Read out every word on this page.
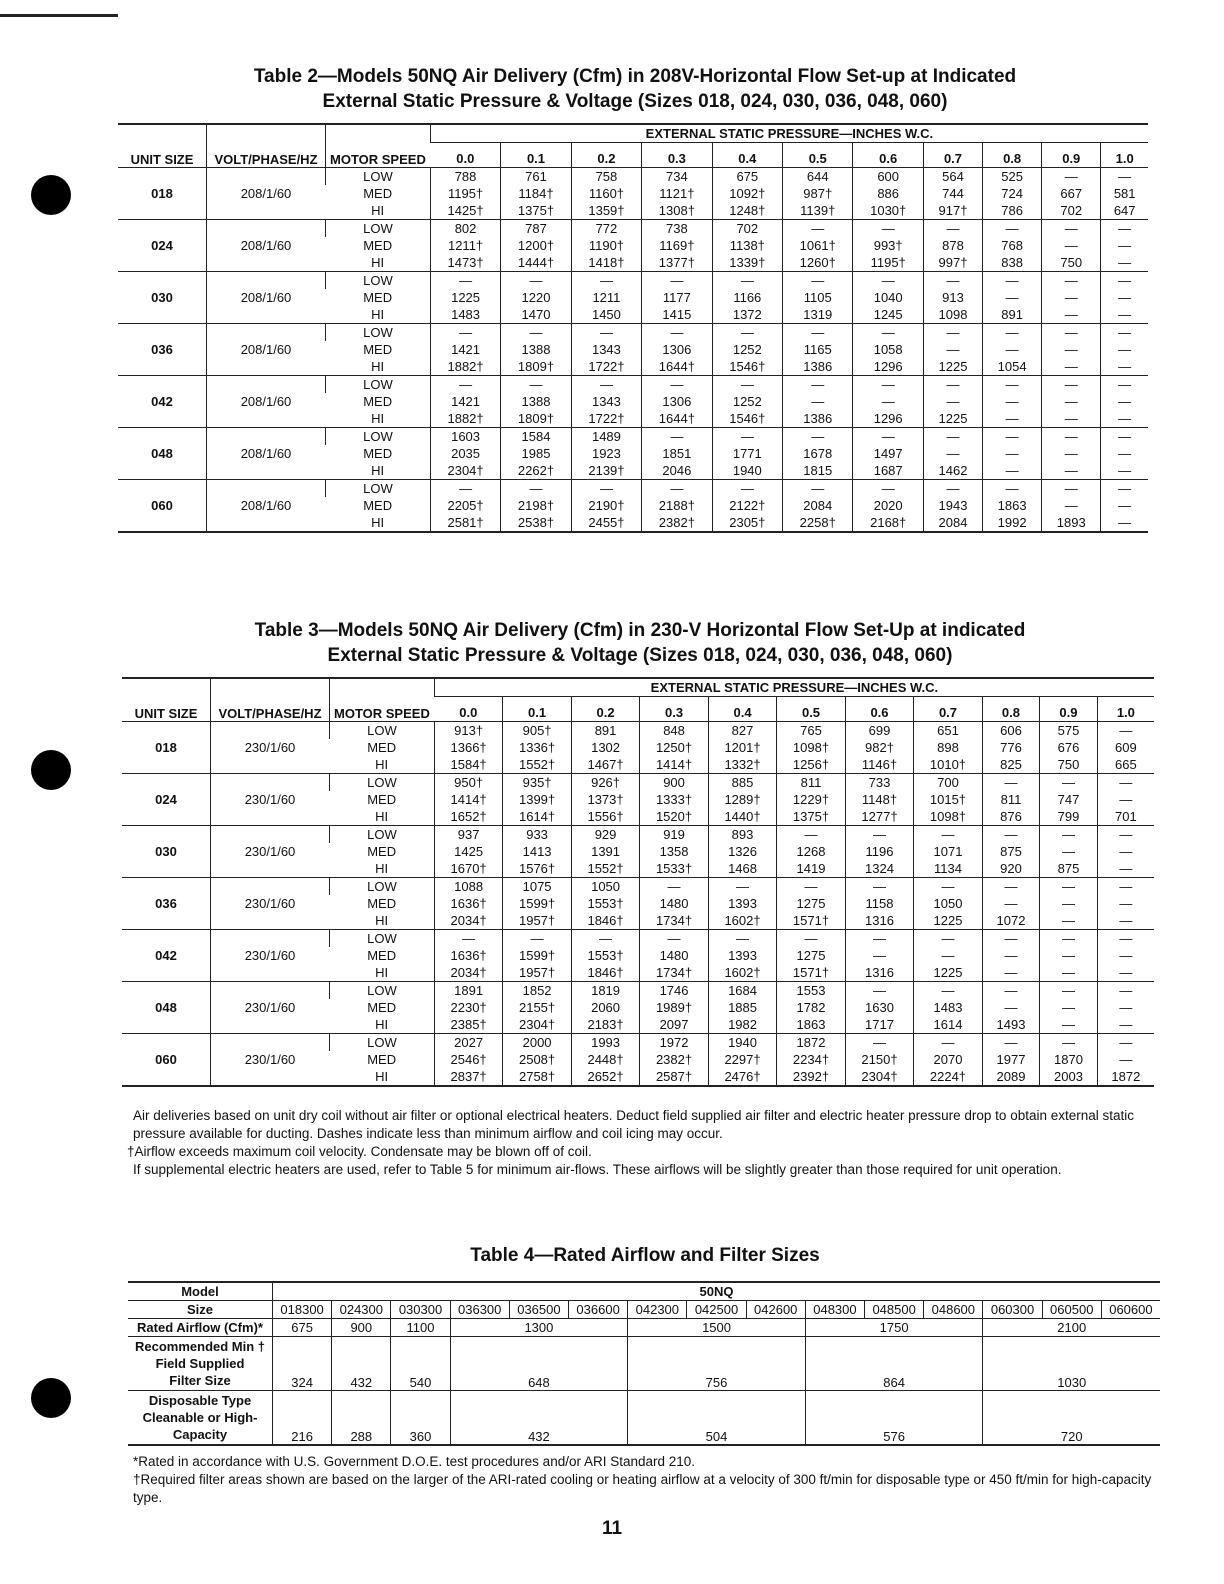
Table 2—Models 50NQ Air Delivery (Cfm) in 208V-Horizontal Flow Set-up at Indicated
External Static Pressure & Voltage (Sizes 018, 024, 030, 036, 048, 060)
UNIT SIZE	VOLT/PHASE/HZ	MOTOR SPEED	EXTERNAL STATIC PRESSURE—INCHES W.C.										
			0.0	0.1	0.2	0.3	0.4	0.5	0.6	0.7	0.8	0.9	1.0
018	208/1/60	LOW	788	761	758	734	675	644	600	564	525	—	—
		MED	1195†	1184†	1160†	1121†	1092†	987†	886	744	724	667	581
		HI	1425†	1375†	1359†	1308†	1248†	1139†	1030†	917†	786	702	647
024	208/1/60	LOW	802	787	772	738	702	—	—	—	—	—	—
		MED	1211†	1200†	1190†	1169†	1138†	1061†	993†	878	768	—	—
		HI	1473†	1444†	1418†	1377†	1339†	1260†	1195†	997†	838	750	—
030	208/1/60	LOW	—	—	—	—	—	—	—	—	—	—	—
		MED	1225	1220	1211	1177	1166	1105	1040	913	—	—	—
		HI	1483	1470	1450	1415	1372	1319	1245	1098	891	—	—
036	208/1/60	LOW	—	—	—	—	—	—	—	—	—	—	—
		MED	1421	1388	1343	1306	1252	1165	1058	—	—	—	—
		HI	1882†	1809†	1722†	1644†	1546†	1386	1296	1225	1054	—	—
042	208/1/60	LOW	—	—	—	—	—	—	—	—	—	—	—
		MED	1421	1388	1343	1306	1252	—	—	—	—	—	—
		HI	1882†	1809†	1722†	1644†	1546†	1386	1296	1225	—	—	—
048	208/1/60	LOW	1603	1584	1489	—	—	—	—	—	—	—	—
		MED	2035	1985	1923	1851	1771	1678	1497	—	—	—	—
		HI	2304†	2262†	2139†	2046	1940	1815	1687	1462	—	—	—
060	208/1/60	LOW	—	—	—	—	—	—	—	—	—	—	—
		MED	2205†	2198†	2190†	2188†	2122†	2084	2020	1943	1863	—	—
		HI	2581†	2538†	2455†	2382†	2305†	2258†	2168†	2084	1992	1893	—
Table 3—Models 50NQ Air Delivery (Cfm) in 230-V Horizontal Flow Set-Up at indicated
External Static Pressure & Voltage (Sizes 018, 024, 030, 036, 048, 060)
UNIT SIZE	VOLT/PHASE/HZ	MOTOR SPEED	EXTERNAL STATIC PRESSURE—INCHES W.C.										
			0.0	0.1	0.2	0.3	0.4	0.5	0.6	0.7	0.8	0.9	1.0
018	230/1/60	LOW	913†	905†	891	848	827	765	699	651	606	575	—
		MED	1366†	1336†	1302	1250†	1201†	1098†	982†	898	776	676	609
		HI	1584†	1552†	1467†	1414†	1332†	1256†	1146†	1010†	825	750	665
024	230/1/60	LOW	950†	935†	926†	900	885	811	733	700	—	—	—
		MED	1414†	1399†	1373†	1333†	1289†	1229†	1148†	1015†	811	747	—
		HI	1652†	1614†	1556†	1520†	1440†	1375†	1277†	1098†	876	799	701
030	230/1/60	LOW	937	933	929	919	893	—	—	—	—	—	—
		MED	1425	1413	1391	1358	1326	1268	1196	1071	875	—	—
		HI	1670†	1576†	1552†	1533†	1468	1419	1324	1134	920	875	—
036	230/1/60	LOW	1088	1075	1050	—	—	—	—	—	—	—	—
		MED	1636†	1599†	1553†	1480	1393	1275	1158	1050	—	—	—
		HI	2034†	1957†	1846†	1734†	1602†	1571†	1316	1225	1072	—	—
042	230/1/60	LOW	—	—	—	—	—	—	—	—	—	—	—
		MED	1636†	1599†	1553†	1480	1393	1275	—	—	—	—	—
		HI	2034†	1957†	1846†	1734†	1602†	1571†	1316	1225	—	—	—
048	230/1/60	LOW	1891	1852	1819	1746	1684	1553	—	—	—	—	—
		MED	2230†	2155†	2060	1989†	1885	1782	1630	1483	—	—	—
		HI	2385†	2304†	2183†	2097	1982	1863	1717	1614	1493	—	—
060	230/1/60	LOW	2027	2000	1993	1972	1940	1872	—	—	—	—	—
		MED	2546†	2508†	2448†	2382†	2297†	2234†	2150†	2070	1977	1870	—
		HI	2837†	2758†	2652†	2587†	2476†	2392†	2304†	2224†	2089	2003	1872

Air deliveries based on unit dry coil without air filter or optional electrical heaters. Deduct field supplied air filter and electric heater pressure drop to obtain external static pressure available for ducting. Dashes indicate less than minimum airflow and coil icing may occur.

†Airflow exceeds maximum coil velocity. Condensate may be blown off of coil.

If supplemental electric heaters are used, refer to Table 5 for minimum air-flows. These airflows will be slightly greater than those required for unit operation.

Table 4—Rated Airflow and Filter Sizes
Model	50NQ														
Size	018300	024300	030300	036300	036500	036600	042300	042500	042600	048300	048500	048600	060300	060500	060600
Rated Airflow (Cfm)*	675	900	1100	1300			1500			1750			2100		
Recommended Min †
Field Supplied
Filter Size	324	432	540	648			756			864			1030		
Disposable Type
Cleanable or High-
Capacity	216	288	360	432			504			576			720		

*Rated in accordance with U.S. Government D.O.E. test procedures and/or ARI Standard 210.

†Required filter areas shown are based on the larger of the ARI-rated cooling or heating airflow at a velocity of 300 ft/min for disposable type or 450 ft/min for high-capacity type.

11
